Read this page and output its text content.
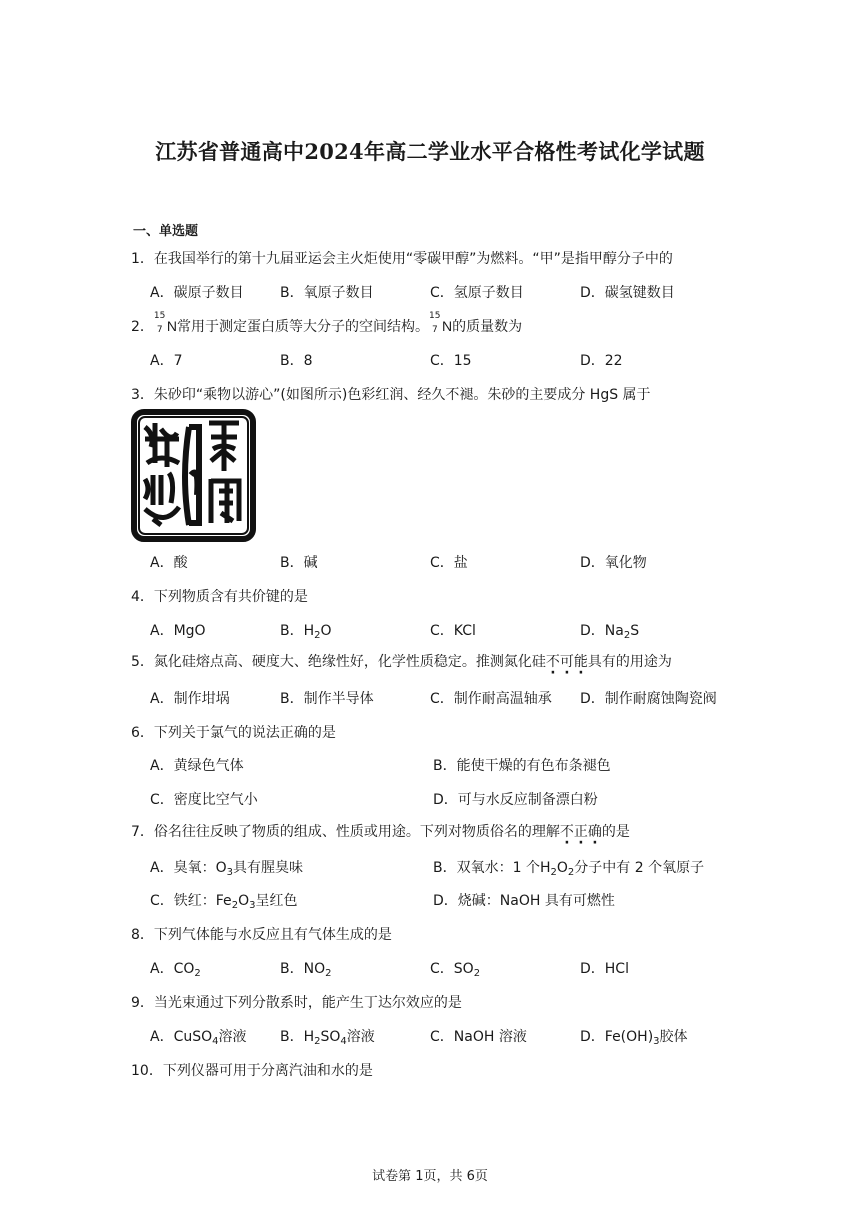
江苏省普通高中2024年高二学业水平合格性考试化学试题
一、单选题
1．在我国举行的第十九届亚运会主火炬使用“零碳甲醇”为燃料。“甲”是指甲醇分子中的
A．碳原子数目	B．氧原子数目	C．氢原子数目	D．碳氢键数目
2．
15
7 N常用于测定蛋白质等大分子的空间结构。
15
7 N的质量数为
A．7	B．8	C．15	D．22
3．朱砂印“乘物以游心”(如图所示)色彩红润、经久不褪。朱砂的主要成分 HgS 属于
A．酸	B．碱	C．盐	D．氧化物
4．下列物质含有共价键的是
A．MgO	B．$H_2O$	C．KCl	D．$Na_2S$
5．氮化硅熔点高、硬度大、绝缘性好，化学性质稳定。推测氮化硅不可能具有的用途为
A．制作坩埚	B．制作半导体	C．制作耐高温轴承 D．制作耐腐蚀陶瓷阀
6．下列关于氯气的说法正确的是
A．黄绿色气体	B．能使干燥的有色布条褪色
C．密度比空气小	D．可与水反应制备漂白粉
7．俗名往往反映了物质的组成、性质或用途。下列对物质俗名的理解不正确的是
A．臭氧：$O_3$具有腥臭味	B．双氧水：1 个$H_2O_2$分子中有 2 个氧原子
C．铁红：$Fe_2O_3$呈红色	D．烧碱：NaOH 具有可燃性
8．下列气体能与水反应且有气体生成的是
A．$CO_2$	B．$NO_2$	C．$SO_2$	D．HCl
9．当光束通过下列分散系时，能产生丁达尔效应的是
A．CuSO$_4$溶液 B．$H_2SO_4$溶液	C．NaOH 溶液	D．$Fe(OH)_3$胶体
10．下列仪器可用于分离汽油和水的是
试卷第 1页，共 6页
